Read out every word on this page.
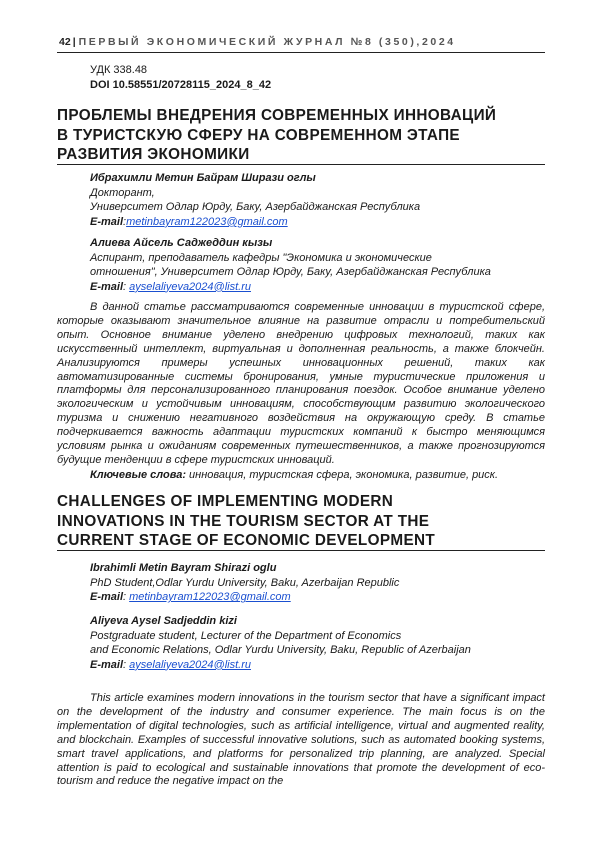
42 | ПЕРВЫЙ ЭКОНОМИЧЕСКИЙ ЖУРНАЛ №8 (350),2024
УДК 338.48
DOI 10.58551/20728115_2024_8_42
ПРОБЛЕМЫ ВНЕДРЕНИЯ СОВРЕМЕННЫХ ИННОВАЦИЙ
В ТУРИСТСКУЮ СФЕРУ НА СОВРЕМЕННОМ ЭТАПЕ
РАЗВИТИЯ ЭКОНОМИКИ
Ибрахимли Метин Байрам Ширази оглы
Докторант,
Университет Одлар Юрду, Баку, Азербайджанская Республика
E-mail:metinbayram122023@gmail.com
Алиева Айсель Саджеддин кызы
Аспирант, преподаватель кафедры "Экономика и экономические
отношения", Университет Одлар Юрду, Баку, Азербайджанская Республика
E-mail: ayselaliyeva2024@list.ru
В данной статье рассматриваются современные инновации в туристской сфере, которые оказывают значительное влияние на развитие отрасли и потребительский опыт. Основное внимание уделено внедрению цифровых технологий, таких как искусственный интеллект, виртуальная и дополненная реальность, а также блокчейн. Анализируются примеры успешных инновационных решений, таких как автоматизированные системы бронирования, умные туристические приложения и платформы для персонализированного планирования поездок. Особое внимание уделено экологическим и устойчивым инновациям, способствующим развитию экологического туризма и снижению негативного воздействия на окружающую среду. В статье подчеркивается важность адаптации туристских компаний к быстро меняющимся условиям рынка и ожиданиям современных путешественников, а также прогнозируются будущие тенденции в сфере туристских инноваций.
Ключевые слова: инновация, туристская сфера, экономика, развитие, риск.
CHALLENGES OF IMPLEMENTING MODERN
INNOVATIONS IN THE TOURISM SECTOR AT THE
CURRENT STAGE OF ECONOMIC DEVELOPMENT
Ibrahimli Metin Bayram Shirazi oglu
PhD Student,Odlar Yurdu University, Baku, Azerbaijan Republic
E-mail: metinbayram122023@gmail.com
Aliyeva Aysel Sadjeddin kizi
Postgraduate student, Lecturer of the Department of Economics
and Economic Relations, Odlar Yurdu University, Baku, Republic of Azerbaijan
E-mail: ayselaliyeva2024@list.ru
This article examines modern innovations in the tourism sector that have a significant impact on the development of the industry and consumer experience. The main focus is on the implementation of digital technologies, such as artificial intelligence, virtual and augmented reality, and blockchain. Examples of successful innovative solutions, such as automated booking systems, smart travel applications, and platforms for personalized trip planning, are analyzed. Special attention is paid to ecological and sustainable innovations that promote the development of eco-tourism and reduce the negative impact on the
